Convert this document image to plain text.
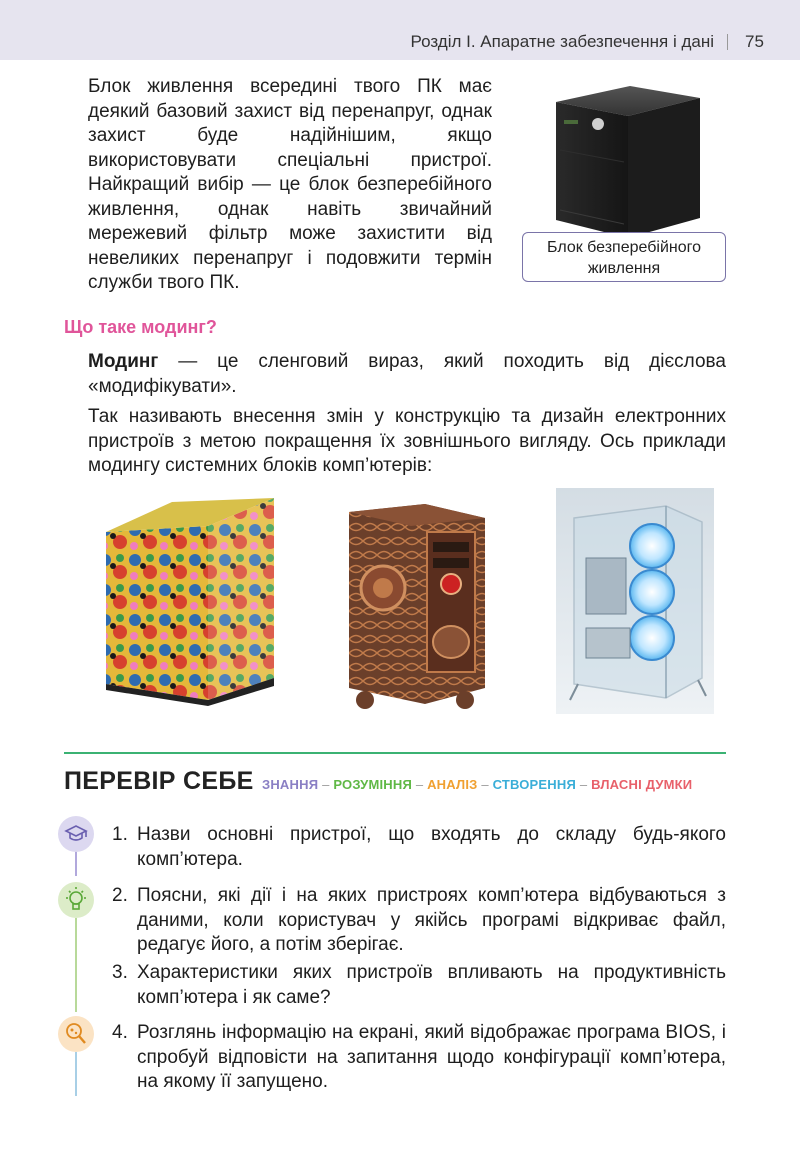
Розділ I. Апаратне забезпечення і дані 75

Блок живлення всередині твого ПК має деякий базовий захист від перенапруг, однак захист буде надійнішим, якщо використовувати спеціальні пристрої. Найкращий вибір — це блок безперебійного живлення, однак навіть звичайний мережевий фільтр може захистити від невеликих перенапруг і подовжити термін служби твого ПК.

Блок безперебійного живлення
Що таке модинг?

Модинг — це сленговий вираз, який походить від дієслова «модифікувати».

Так називають внесення змін у конструкцію та дизайн електронних пристроїв з метою покращення їх зовнішнього вигляду. Ось приклади модингу системних блоків комп’ютерів:

ПЕРЕВІР СЕБЕ ЗНАННЯ – РОЗУМІННЯ – АНАЛІЗ – СТВОРЕННЯ – ВЛАСНІ ДУМКИ
1. Назви основні пристрої, що входять до складу будь-якого комп’ютера.
2. Поясни, які дії і на яких пристроях комп’ютера відбуваються з даними, коли користувач у якійсь програмі відкриває файл, редагує його, а потім зберігає.
3. Характеристики яких пристроїв впливають на продуктивність комп’ютера і як саме?
4. Розглянь інформацію на екрані, який відображає програма BIOS, і спробуй відповісти на запитання щодо конфігурації комп’ютера, на якому її запущено.
